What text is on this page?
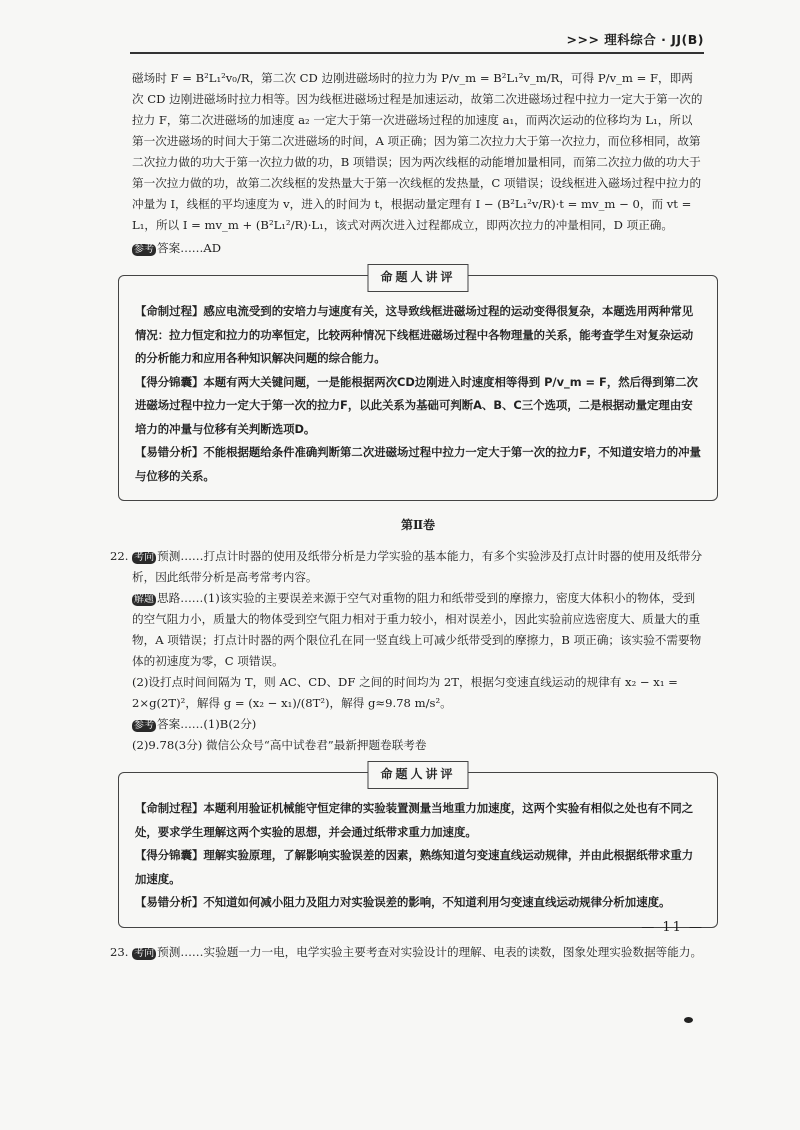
>>> 理科综合 · JJ(B)

磁场时 F = B²L₁²v₀/R，第二次 CD 边刚进磁场时的拉力为 P/v_m = B²L₁²v_m/R，可得 P/v_m = F，即两次 CD 边刚进磁场时拉力相等。因为线框进磁场过程是加速运动，故第二次进磁场过程中拉力一定大于第一次的拉力 F，第二次进磁场的加速度 a₂ 一定大于第一次进磁场过程的加速度 a₁，而两次运动的位移均为 L₁，所以第一次进磁场的时间大于第二次进磁场的时间，A 项正确；因为第二次拉力大于第一次拉力，而位移相同，故第二次拉力做的功大于第一次拉力做的功，B 项错误；因为两次线框的动能增加量相同，而第二次拉力做的功大于第一次拉力做的功，故第二次线框的发热量大于第一次线框的发热量，C 项错误；设线框进入磁场过程中拉力的冲量为 I，线框的平均速度为 v，进入的时间为 t，根据动量定理有 I − (B²L₁²v/R)·t = mv_m − 0，而 vt = L₁，所以 I = mv_m + (B²L₁²/R)·L₁，该式对两次进入过程都成立，即两次拉力的冲量相同，D 项正确。

参考 答案……AD

命题人讲评

【命制过程】感应电流受到的安培力与速度有关，这导致线框进磁场过程的运动变得很复杂，本题选用两种常见情况：拉力恒定和拉力的功率恒定，比较两种情况下线框进磁场过程中各物理量的关系，能考查学生对复杂运动的分析能力和应用各种知识解决问题的综合能力。

【得分锦囊】本题有两大关键问题，一是能根据两次CD边刚进入时速度相等得到 P/v_m = F，然后得到第二次进磁场过程中拉力一定大于第一次的拉力F，以此关系为基础可判断A、B、C三个选项，二是根据动量定理由安培力的冲量与位移有关判断选项D。

【易错分析】不能根据题给条件准确判断第二次进磁场过程中拉力一定大于第一次的拉力F，不知道安培力的冲量与位移的关系。

第Ⅱ卷

22. 考向 预测……打点计时器的使用及纸带分析是力学实验的基本能力，有多个实验涉及打点计时器的使用及纸带分析，因此纸带分析是高考常考内容。

解题 思路……(1)该实验的主要误差来源于空气对重物的阻力和纸带受到的摩擦力，密度大体积小的物体，受到的空气阻力小，质量大的物体受到空气阻力相对于重力较小，相对误差小，因此实验前应选密度大、质量大的重物，A 项错误；打点计时器的两个限位孔在同一竖直线上可减少纸带受到的摩擦力，B 项正确；该实验不需要物体的初速度为零，C 项错误。

(2)设打点时间间隔为 T，则 AC、CD、DF 之间的时间均为 2T，根据匀变速直线运动的规律有 x₂ − x₁ = 2×g(2T)²，解得 g = (x₂ − x₁)/(8T²)，解得 g≈9.78 m/s²。

参考 答案……(1)B(2分)

(2)9.78(3分) 微信公众号“高中试卷君”最新押题卷联考卷

命题人讲评

【命制过程】本题利用验证机械能守恒定律的实验装置测量当地重力加速度，这两个实验有相似之处也有不同之处，要求学生理解这两个实验的思想，并会通过纸带求重力加速度。

【得分锦囊】理解实验原理，了解影响实验误差的因素，熟练知道匀变速直线运动规律，并由此根据纸带求重力加速度。

【易错分析】不知道如何减小阻力及阻力对实验误差的影响，不知道利用匀变速直线运动规律分析加速度。

23. 考向 预测……实验题一力一电，电学实验主要考查对实验设计的理解、电表的读数，图象处理实验数据等能力。

— 11 —
